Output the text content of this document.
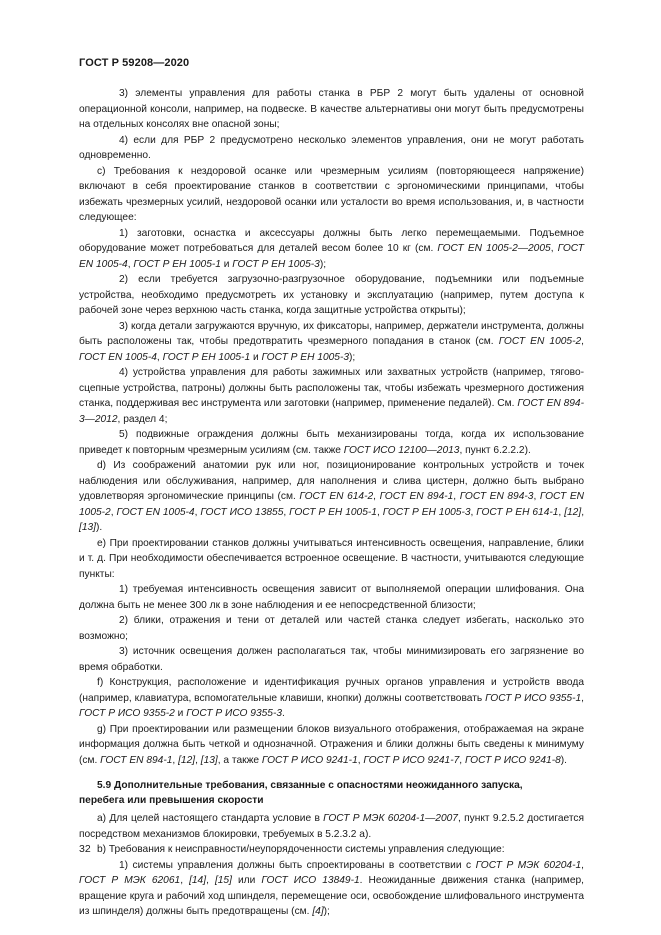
ГОСТ Р 59208—2020

3) элементы управления для работы станка в РБР 2 могут быть удалены от основной операционной консоли, например, на подвеске. В качестве альтернативы они могут быть предусмотрены на отдельных консолях вне опасной зоны;

4) если для РБР 2 предусмотрено несколько элементов управления, они не могут работать одновременно.

с) Требования к нездоровой осанке или чрезмерным усилиям (повторяющееся напряжение) включают в себя проектирование станков в соответствии с эргономическими принципами, чтобы избежать чрезмерных усилий, нездоровой осанки или усталости во время использования, и, в частности следующее:

1) заготовки, оснастка и аксессуары должны быть легко перемещаемыми. Подъемное оборудование может потребоваться для деталей весом более 10 кг (см. ГОСТ EN 1005-2—2005, ГОСТ EN 1005-4, ГОСТ Р ЕН 1005-1 и ГОСТ Р ЕН 1005-3);

2) если требуется загрузочно-разгрузочное оборудование, подъемники или подъемные устройства, необходимо предусмотреть их установку и эксплуатацию (например, путем доступа к рабочей зоне через верхнюю часть станка, когда защитные устройства открыты);

3) когда детали загружаются вручную, их фиксаторы, например, держатели инструмента, должны быть расположены так, чтобы предотвратить чрезмерного попадания в станок (см. ГОСТ EN 1005-2, ГОСТ EN 1005-4, ГОСТ Р ЕН 1005-1 и ГОСТ Р ЕН 1005-3);

4) устройства управления для работы зажимных или захватных устройств (например, тягово-сцепные устройства, патроны) должны быть расположены так, чтобы избежать чрезмерного достижения станка, поддерживая вес инструмента или заготовки (например, применение педалей). См. ГОСТ EN 894-3—2012, раздел 4;

5) подвижные ограждения должны быть механизированы тогда, когда их использование приведет к повторным чрезмерным усилиям (см. также ГОСТ ИСО 12100—2013, пункт 6.2.2.2).

d) Из соображений анатомии рук или ног, позиционирование контрольных устройств и точек наблюдения или обслуживания, например, для наполнения и слива цистерн, должно быть выбрано удовлетворяя эргономические принципы (см. ГОСТ EN 614-2, ГОСТ EN 894-1, ГОСТ EN 894-3, ГОСТ EN 1005-2, ГОСТ EN 1005-4, ГОСТ ИСО 13855, ГОСТ Р ЕН 1005-1, ГОСТ Р ЕН 1005-3, ГОСТ Р ЕН 614-1, [12], [13]).

е) При проектировании станков должны учитываться интенсивность освещения, направление, блики и т. д. При необходимости обеспечивается встроенное освещение. В частности, учитываются следующие пункты:

1) требуемая интенсивность освещения зависит от выполняемой операции шлифования. Она должна быть не менее 300 лк в зоне наблюдения и ее непосредственной близости;

2) блики, отражения и тени от деталей или частей станка следует избегать, насколько это возможно;

3) источник освещения должен располагаться так, чтобы минимизировать его загрязнение во время обработки.

f) Конструкция, расположение и идентификация ручных органов управления и устройств ввода (например, клавиатура, вспомогательные клавиши, кнопки) должны соответствовать ГОСТ Р ИСО 9355-1, ГОСТ Р ИСО 9355-2 и ГОСТ Р ИСО 9355-3.

g) При проектировании или размещении блоков визуального отображения, отображаемая на экране информация должна быть четкой и однозначной. Отражения и блики должны быть сведены к минимуму (см. ГОСТ EN 894-1, [12], [13], а также ГОСТ Р ИСО 9241-1, ГОСТ Р ИСО 9241-7, ГОСТ Р ИСО 9241-8).

5.9 Дополнительные требования, связанные с опасностями неожиданного запуска,
перебега или превышения скорости

а) Для целей настоящего стандарта условие в ГОСТ Р МЭК 60204-1—2007, пункт 9.2.5.2 достигается посредством механизмов блокировки, требуемых в 5.2.3.2 а).

b) Требования к неисправности/неупорядоченности системы управления следующие:

1) системы управления должны быть спроектированы в соответствии с ГОСТ Р МЭК 60204-1, ГОСТ Р МЭК 62061, [14], [15] или ГОСТ ИСО 13849-1. Неожиданные движения станка (например, вращение круга и рабочий ход шпинделя, перемещение оси, освобождение шлифовального инструмента из шпинделя) должны быть предотвращены (см. [4]);

32
